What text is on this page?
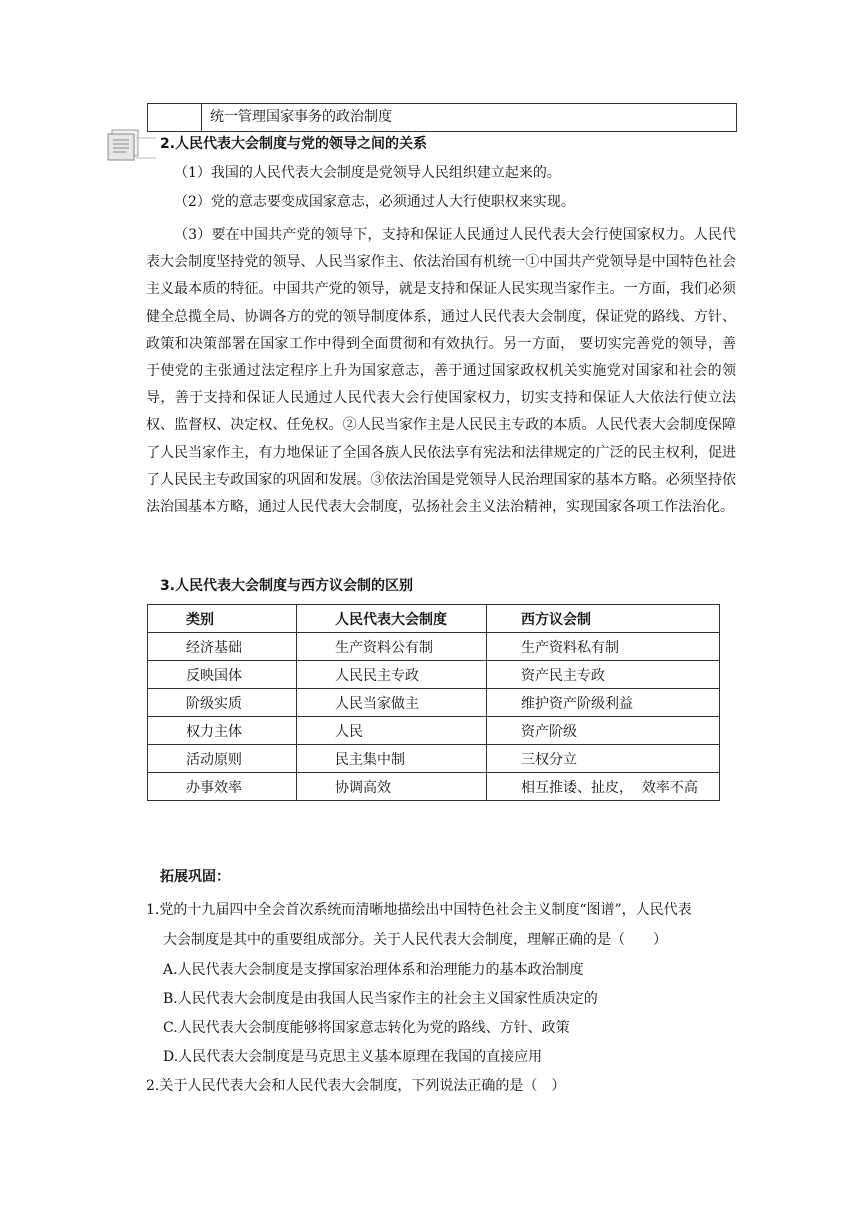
统一管理国家事务的政治制度
2.人民代表大会制度与党的领导之间的关系
（1）我国的人民代表大会制度是党领导人民组织建立起来的。
（2）党的意志要变成国家意志，必须通过人大行使职权来实现。
（3）要在中国共产党的领导下，支持和保证人民通过人民代表大会行使国家权力。人民代表大会制度坚持党的领导、人民当家作主、依法治国有机统一①中国共产党领导是中国特色社会主义最本质的特征。中国共产党的领导，就是支持和保证人民实现当家作主。一方面，我们必须健全总揽全局、协调各方的党的领导制度体系，通过人民代表大会制度，保证党的路线、方针、政策和决策部署在国家工作中得到全面贯彻和有效执行。另一方面， 要切实完善党的领导，善于使党的主张通过法定程序上升为国家意志，善于通过国家政权机关实施党对国家和社会的领导，善于支持和保证人民通过人民代表大会行使国家权力，切实支持和保证人大依法行使立法权、监督权、决定权、任免权。②人民当家作主是人民民主专政的本质。人民代表大会制度保障了人民当家作主，有力地保证了全国各族人民依法享有宪法和法律规定的广泛的民主权利，促进了人民民主专政国家的巩固和发展。③依法治国是党领导人民治理国家的基本方略。必须坚持依法治国基本方略，通过人民代表大会制度，弘扬社会主义法治精神，实现国家各项工作法治化。
3.人民代表大会制度与西方议会制的区别
类别	人民代表大会制度	西方议会制
经济基础	生产资料公有制	生产资料私有制
反映国体	人民民主专政	资产民主专政
阶级实质	人民当家做主	维护资产阶级利益
权力主体	人民	资产阶级
活动原则	民主集中制	三权分立
办事效率	协调高效	相互推诿、扯皮，  效率不高
拓展巩固：
1.党的十九届四中全会首次系统而清晰地描绘出中国特色社会主义制度“图谱”，人民代表
大会制度是其中的重要组成部分。关于人民代表大会制度，理解正确的是（　　）
A.人民代表大会制度是支撑国家治理体系和治理能力的基本政治制度
B.人民代表大会制度是由我国人民当家作主的社会主义国家性质决定的
C.人民代表大会制度能够将国家意志转化为党的路线、方针、政策
D.人民代表大会制度是马克思主义基本原理在我国的直接应用
2.关于人民代表大会和人民代表大会制度，下列说法正确的是（　）
